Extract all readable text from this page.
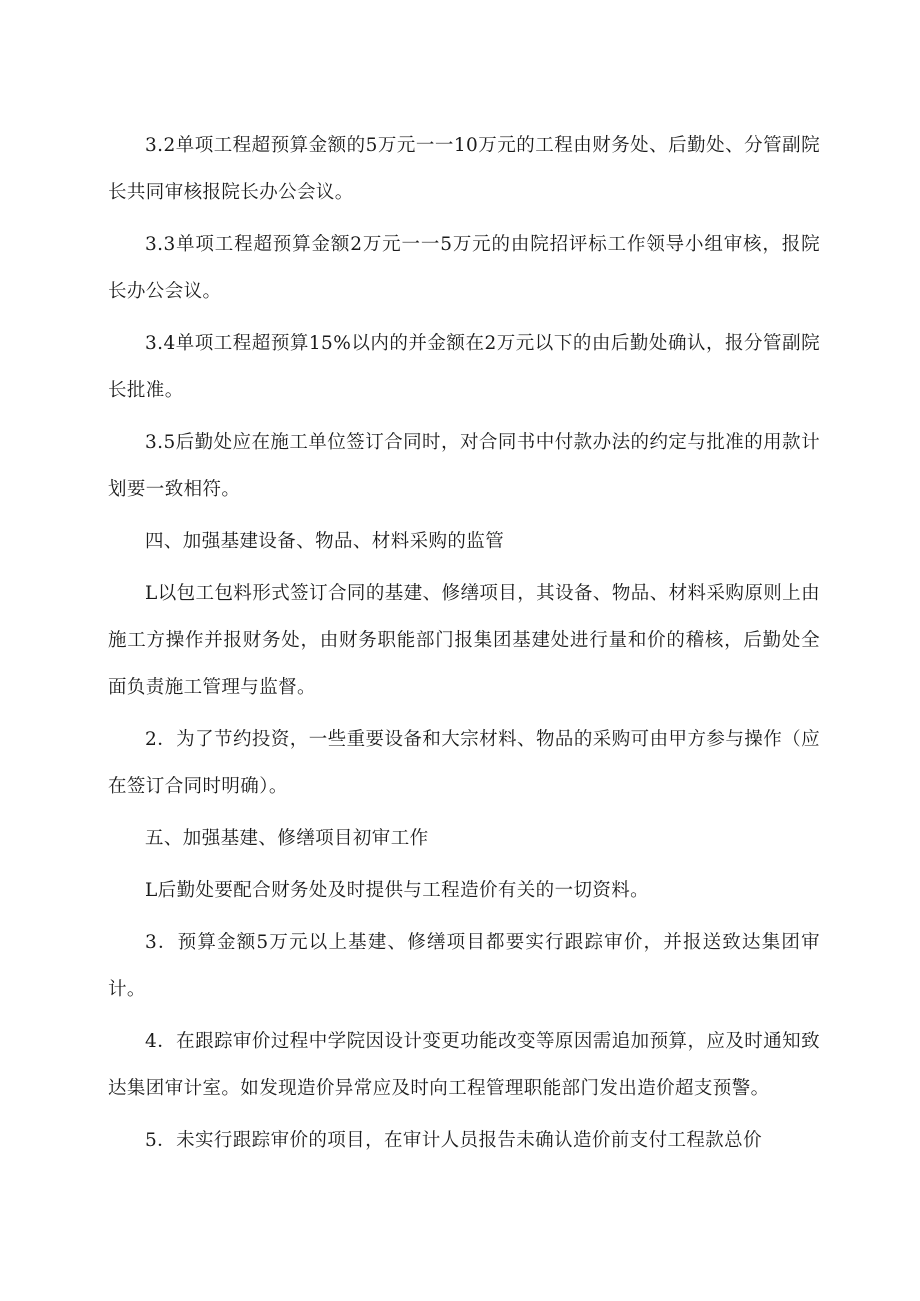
3.2单项工程超预算金额的5万元一一10万元的工程由财务处、后勤处、分管副院长共同审核报院长办公会议。

3.3单项工程超预算金额2万元一一5万元的由院招评标工作领导小组审核，报院长办公会议。

3.4单项工程超预算15%以内的并金额在2万元以下的由后勤处确认，报分管副院长批准。

3.5后勤处应在施工单位签订合同时，对合同书中付款办法的约定与批准的用款计划要一致相符。

四、加强基建设备、物品、材料采购的监管

L以包工包料形式签订合同的基建、修缮项目，其设备、物品、材料采购原则上由施工方操作并报财务处，由财务职能部门报集团基建处进行量和价的稽核，后勤处全面负责施工管理与监督。

2．为了节约投资，一些重要设备和大宗材料、物品的采购可由甲方参与操作（应在签订合同时明确）。

五、加强基建、修缮项目初审工作

L后勤处要配合财务处及时提供与工程造价有关的一切资料。

3．预算金额5万元以上基建、修缮项目都要实行跟踪审价，并报送致达集团审计。

4．在跟踪审价过程中学院因设计变更功能改变等原因需追加预算，应及时通知致达集团审计室。如发现造价异常应及时向工程管理职能部门发出造价超支预警。

5．未实行跟踪审价的项目，在审计人员报告未确认造价前支付工程款总价
